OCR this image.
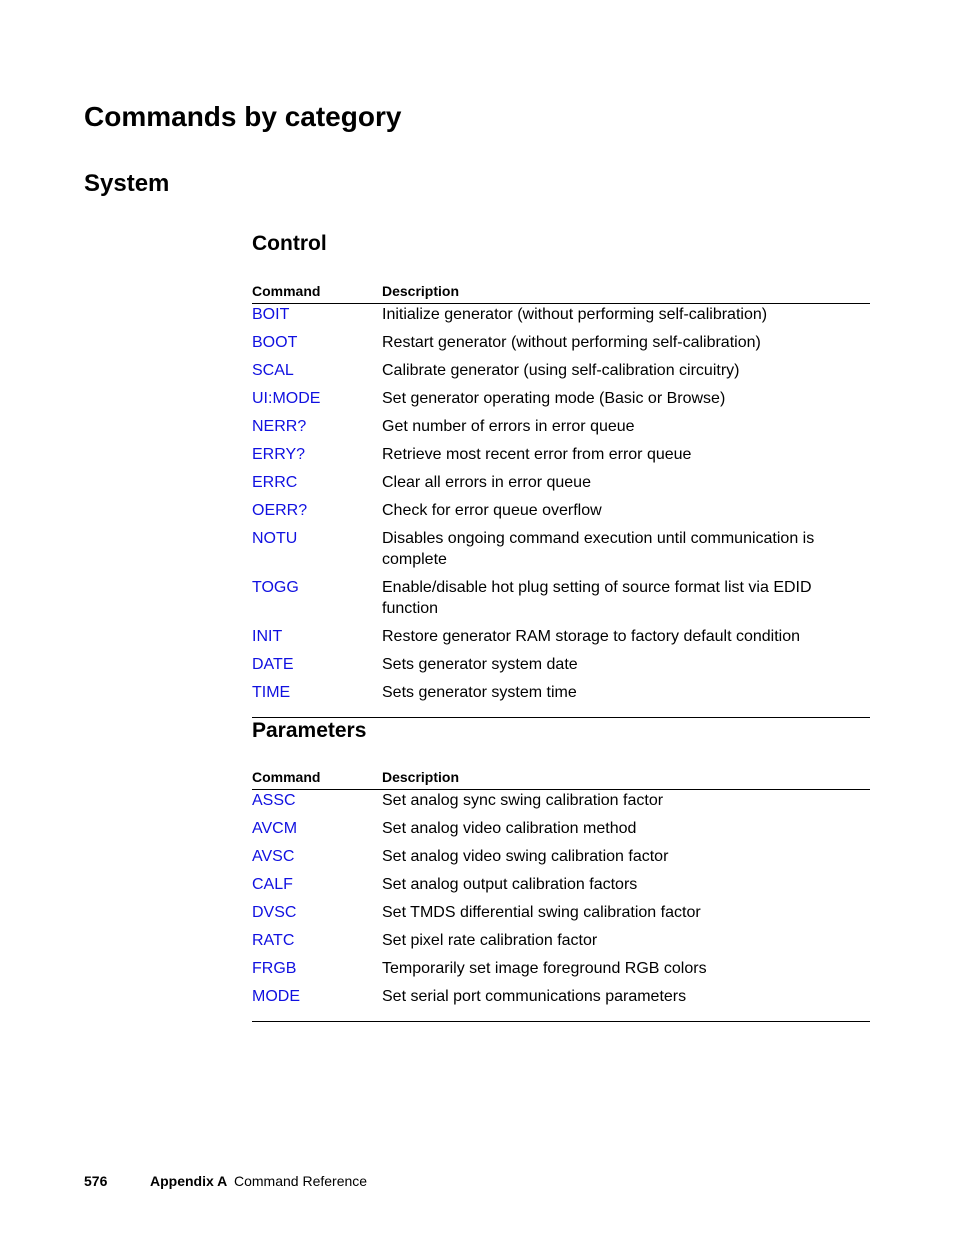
Commands by category
System
Control
Command	Description
BOIT	Initialize generator (without performing self-calibration)
BOOT	Restart generator (without performing self-calibration)
SCAL	Calibrate generator (using self-calibration circuitry)
UI:MODE	Set generator operating mode (Basic or Browse)
NERR?	Get number of errors in error queue
ERRY?	Retrieve most recent error from error queue
ERRC	Clear all errors in error queue
OERR?	Check for error queue overflow
NOTU	Disables ongoing command execution until communication is complete
TOGG	Enable/disable hot plug setting of source format list via EDID function
INIT	Restore generator RAM storage to factory default condition
DATE	Sets generator system date
TIME	Sets generator system time
Parameters
Command	Description
ASSC	Set analog sync swing calibration factor
AVCM	Set analog video calibration method
AVSC	Set analog video swing calibration factor
CALF	Set analog output calibration factors
DVSC	Set TMDS differential swing calibration factor
RATC	Set pixel rate calibration factor
FRGB	Temporarily set image foreground RGB colors
MODE	Set serial port communications parameters
576	Appendix A Command Reference
